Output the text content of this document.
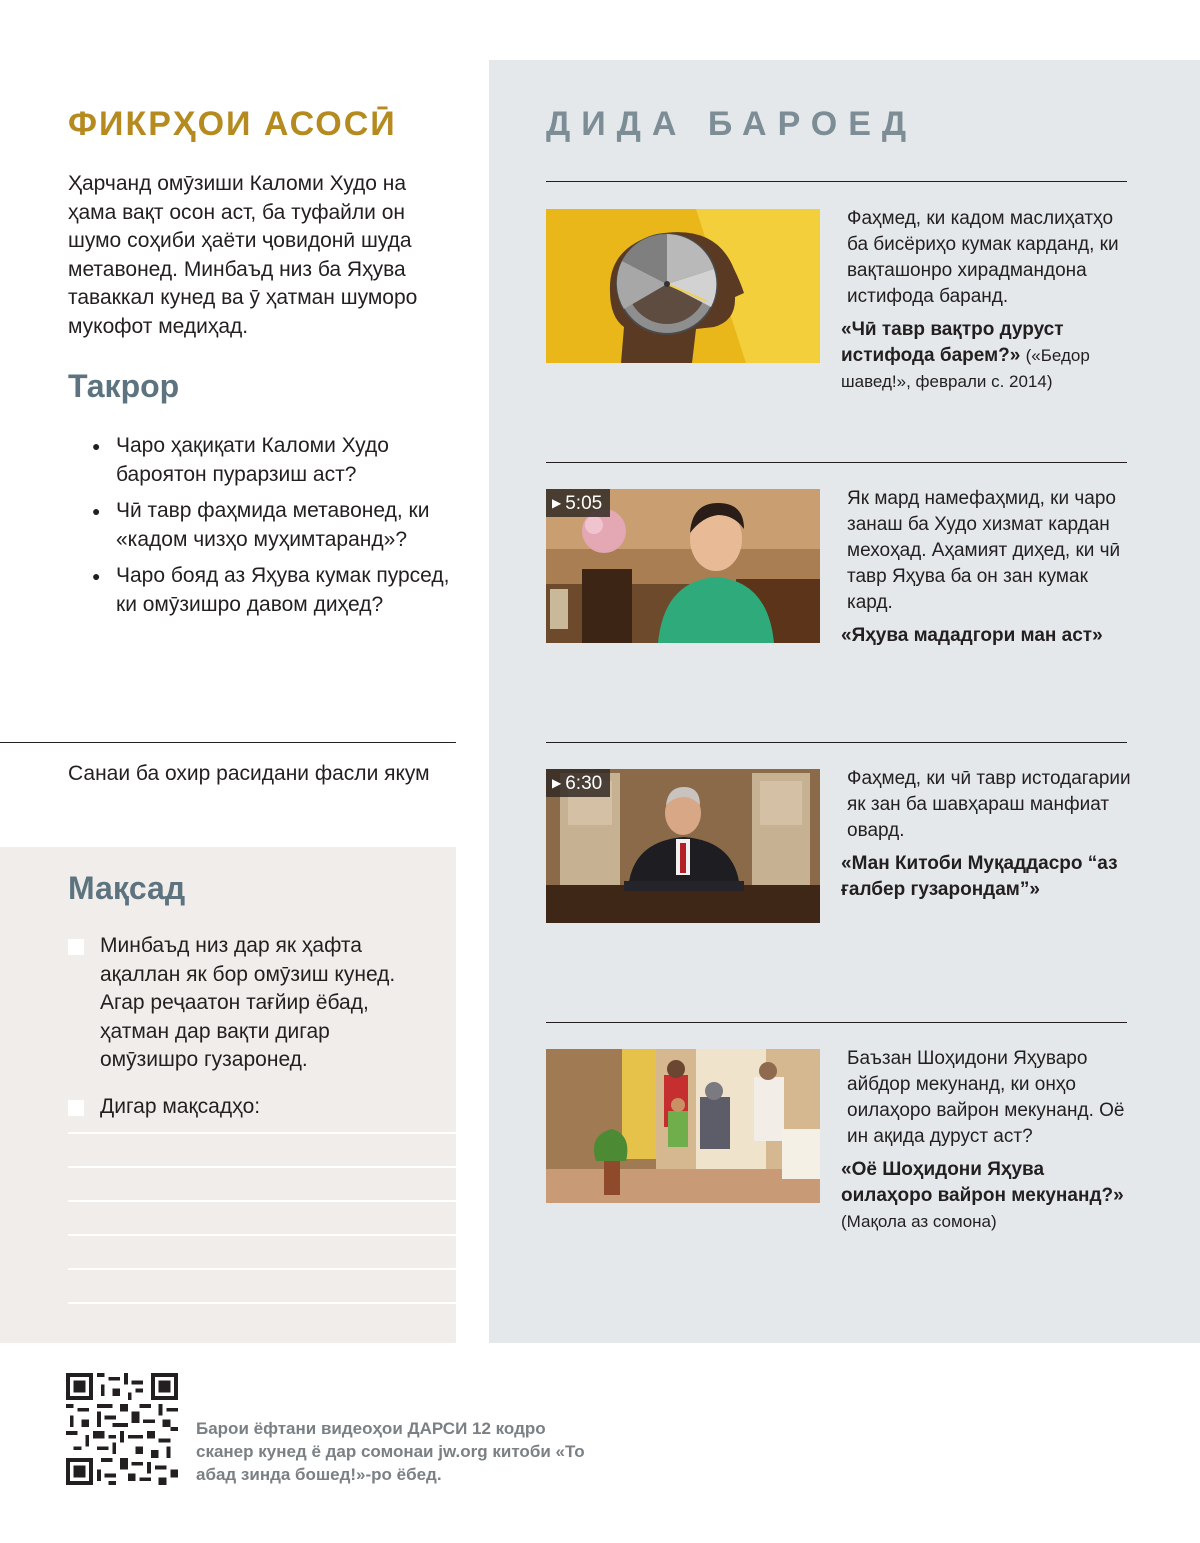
ФИКРҲОИ АСОСӢ

Ҳарчанд омӯзиши Каломи Худо на ҳама вақт осон аст, ба туфайли он шумо соҳиби ҳаёти ҷовидонӣ шуда метавонед. Минбаъд низ ба Яҳува таваккал кунед ва ӯ ҳатман шуморо мукофот медиҳад.

Такрор
● Чаро ҳақиқати Каломи Худо бароятон пурарзиш аст?
● Чӣ тавр фаҳмида метавонед, ки «кадом чизҳо муҳимтаранд»?
● Чаро бояд аз Яҳува кумак пурсед, ки омӯзишро давом диҳед?
Санаи ба охир расидани фасли якум
Мақсад
Минбаъд низ дар як ҳафта ақаллан як бор омӯзиш кунед. Агар реҷаатон тағйир ёбад, ҳатман дар вақти дигар омӯзишро гузаронед.
Дигар мақсадҳо:
ДИДА БАРОЕД

Фаҳмед, ки кадом маслиҳатҳо ба бисёриҳо кумак карданд, ки вақташонро хирадмандона истифода баранд.

«Чӣ тавр вақтро дуруст истифода барем?» («Бедор шавед!», феврали с. 2014)

▶ 5:05	Як мард намефаҳмид, ки чаро занаш ба Худо хизмат кардан мехоҳад. Аҳамият диҳед, ки чӣ тавр Яҳува ба он зан кумак кард.

«Яҳува мададгори ман аст»

▶ 6:30	Фаҳмед, ки чӣ тавр истодагарии як зан ба шавҳараш манфиат овард.

«Ман Китоби Муқаддасро “аз ғалбер гузарондам”»

Баъзан Шоҳидони Яҳуваро айбдор мекунанд, ки онҳо оилаҳоро вайрон мекунанд. Оё ин ақида дуруст аст?

«Оё Шоҳидони Яҳува оилаҳоро вайрон мекунанд?»

(Мақола аз сомона)

Барои ёфтани видеоҳои ДАРСИ 12 кодро сканер кунед ё дар сомонаи jw.org китоби «То абад зинда бошед!»-ро ёбед.
